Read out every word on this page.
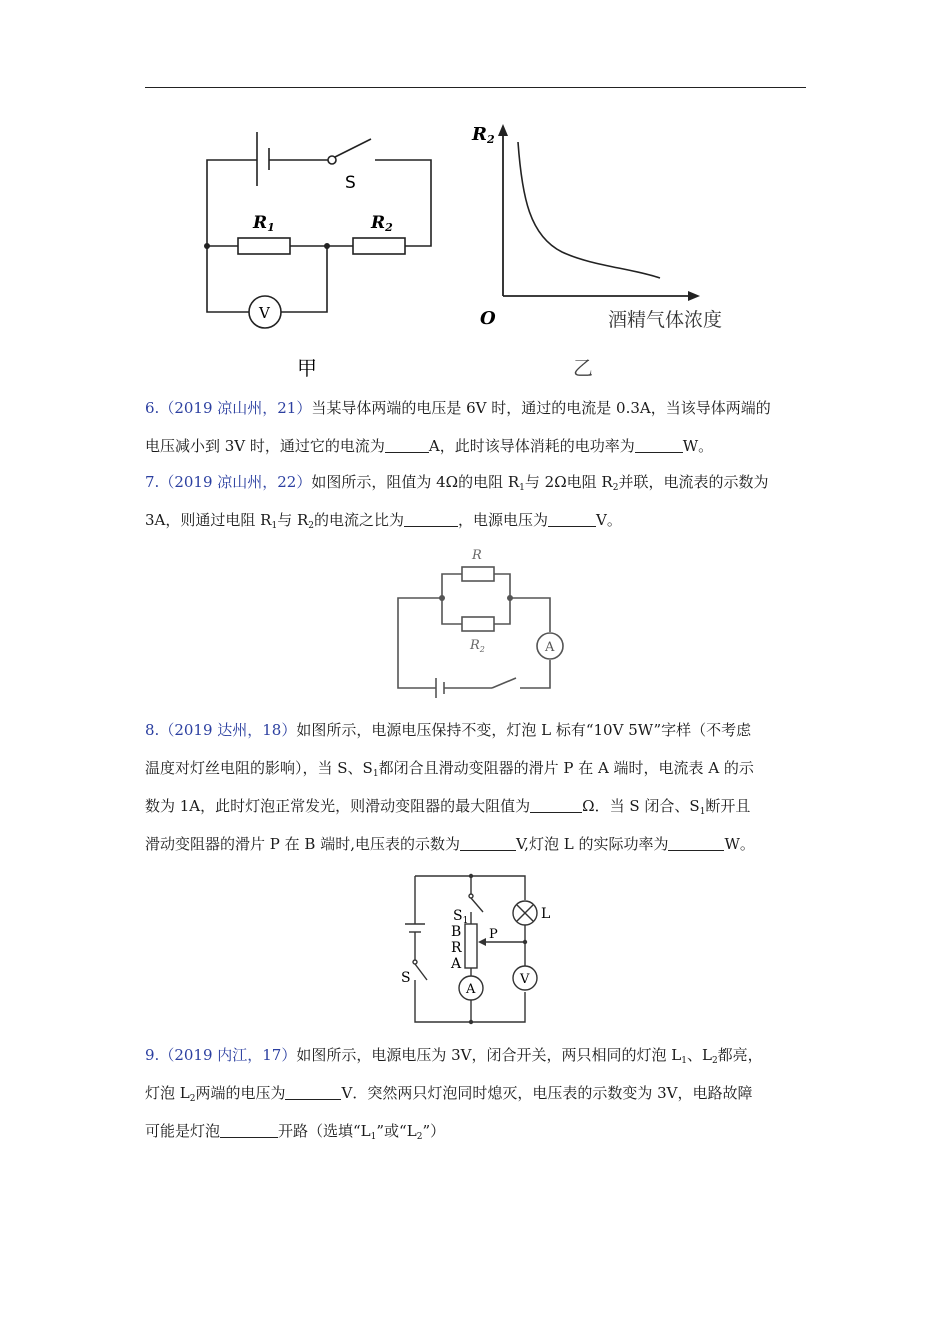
S
R1	R2
V
甲
R2
O	酒精气体浓度
乙

6.（2019 凉山州，21）当某导体两端的电压是 6V 时，通过的电流是 0.3A，当该导体两端的

电压减小到 3V 时，通过它的电流为	A，此时该导体消耗的电功率为	W。

7.（2019 凉山州，22）如图所示，阻值为 4Ω的电阻 $R_1$与 2Ω电阻 $R_2$并联，电流表的示数为

3A，则通过电阻 $R_1$与 $R_2$的电流之比为	，电源电压为	V。

R
$R_2$	A

8.（2019 达州，18）如图所示，电源电压保持不变，灯泡 L 标有“10V 5W”字样（不考虑

温度对灯丝电阻的影响），当 S、$S_1$都闭合且滑动变阻器的滑片 P 在 A 端时，电流表 A 的示

数为 1A，此时灯泡正常发光，则滑动变阻器的最大阻值为	Ω．当 S 闭合、$S_1$断开且

滑动变阻器的滑片 P 在 B 端时,电压表的示数为	V,灯泡 L 的实际功率为	W。

$S_1$
B
R
A
P
L
S
A
V

9.（2019 内江，17）如图所示，电源电压为 3V，闭合开关，两只相同的灯泡 $L_1$、$L_2$都亮，

灯泡 $L_2$两端的电压为	V．突然两只灯泡同时熄灭，电压表的示数变为 3V，电路故障

可能是灯泡	开路（选填“$L_1$”或“$L_2$”）
